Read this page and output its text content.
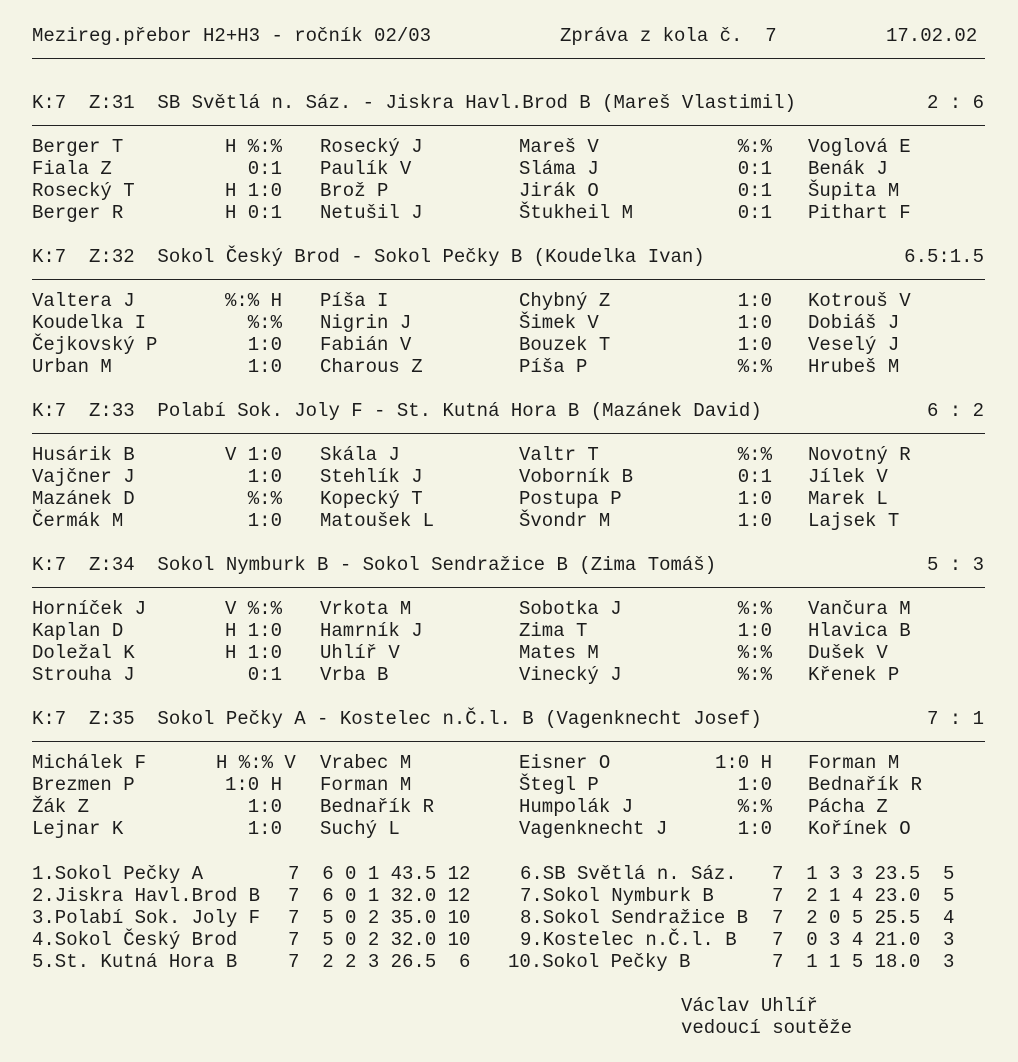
Mezireg.přebor H2+H3 - ročník 02/03	Zpráva z kola č.  7	17.02.02
K:7  Z:31  SB Světlá n. Sáz. - Jiskra Havl.Brod B (Mareš Vlastimil)	2 : 6
Berger T	H %:% Rosecký J	Mareš V	%:% Voglová E
Fiala Z	0:1 Paulík V	Sláma J	0:1 Benák J
Rosecký T	H 1:0 Brož P	Jirák O	0:1 Šupita M
Berger R	H 0:1 Netušil J	Štukheil M	0:1 Pithart F
K:7  Z:32  Sokol Český Brod - Sokol Pečky B (Koudelka Ivan)	6.5:1.5
Valtera J	%:% H Píša I	Chybný Z	1:0 Kotrouš V
Koudelka I	%:% Nigrin J	Šimek V	1:0 Dobiáš J
Čejkovský P	1:0 Fabián V	Bouzek T	1:0 Veselý J
Urban M	1:0 Charous Z	Píša P	%:% Hrubeš M
K:7  Z:33  Polabí Sok. Joly F - St. Kutná Hora B (Mazánek David)	6 : 2
Husárik B	V 1:0 Skála J	Valtr T	%:% Novotný R
Vajčner J	1:0 Stehlík J	Voborník B	0:1 Jílek V
Mazánek D	%:% Kopecký T	Postupa P	1:0 Marek L
Čermák M	1:0 Matoušek L	Švondr M	1:0 Lajsek T
K:7  Z:34  Sokol Nymburk B - Sokol Sendražice B (Zima Tomáš)	5 : 3
Horníček J	V %:% Vrkota M	Sobotka J	%:% Vančura M
Kaplan D	H 1:0 Hamrník J	Zima T	1:0 Hlavica B
Doležal K	H 1:0 Uhlíř V	Mates M	%:% Dušek V
Strouha J	0:1 Vrba B	Vinecký J	%:% Křenek P
K:7  Z:35  Sokol Pečky A - Kostelec n.Č.l. B (Vagenknecht Josef)	7 : 1
Michálek F	H %:% V Vrabec M	Eisner O	1:0 H Forman M
Brezmen P	1:0 H Forman M	Štegl P	1:0 Bednařík R
Žák Z	1:0 Bednařík R	Humpolák J	%:% Pácha Z
Lejnar K	1:0 Suchý L	Vagenknecht J	1:0 Kořínek O
1.Sokol Pečky A	7  6 0 1 43.5 12
2.Jiskra Havl.Brod B 7  6 0 1 32.0 12
3.Polabí Sok. Joly F 7  5 0 2 35.0 10
4.Sokol Český Brod	7  5 0 2 32.0 10
5.St. Kutná Hora B	7  2 2 3 26.5  6
6.SB Světlá n. Sáz. 7  1 3 3 23.5  5
7.Sokol Nymburk B	7  2 1 4 23.0  5
8.Sokol Sendražice B 7  2 0 5 25.5  4
9.Kostelec n.Č.l. B 7  0 3 4 21.0  3
10.Sokol Pečky B	7  1 1 5 18.0  3
Václav Uhlíř
vedoucí soutěže
